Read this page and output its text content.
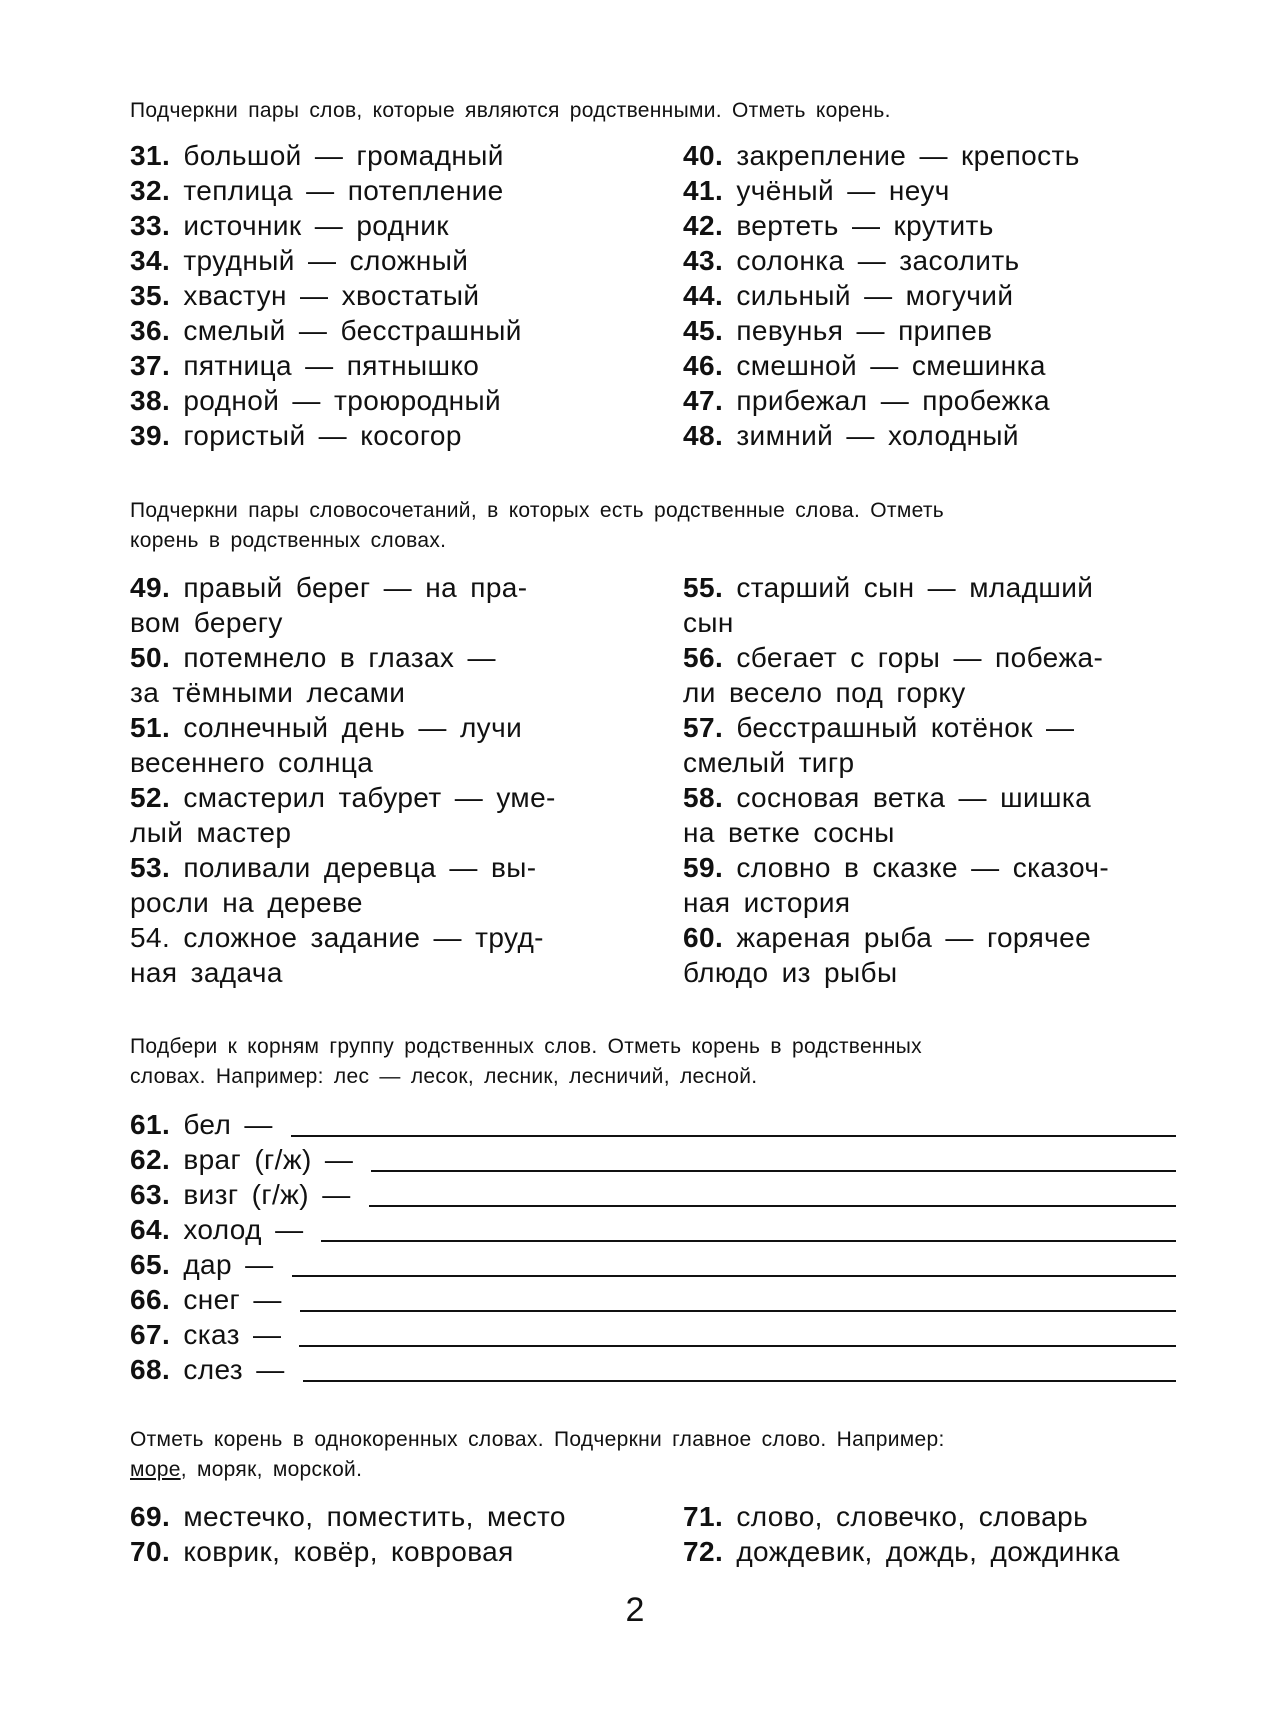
Подчеркни пары слов, которые являются родственными. Отметь корень.
31. большой — громадный
32. теплица — потепление
33. источник — родник
34. трудный — сложный
35. хвастун — хвостатый
36. смелый — бесстрашный
37. пятница — пятнышко
38. родной — троюродный
39. гористый — косогор
40. закрепление — крепость
41. учёный — неуч
42. вертеть — крутить
43. солонка — засолить
44. сильный — могучий
45. певунья — припев
46. смешной — смешинка
47. прибежал — пробежка
48. зимний — холодный
Подчеркни пары словосочетаний, в которых есть родственные слова. Отметь
корень в родственных словах.
49. правый берег — на пра-
вом берегу
50. потемнело в глазах —
за тёмными лесами
51. солнечный день — лучи
весеннего солнца
52. смастерил табурет — уме-
лый мастер
53. поливали деревца — вы-
росли на дереве
54. сложное задание — труд-
ная задача
55. старший сын — младший
сын
56. сбегает с горы — побежа-
ли весело под горку
57. бесстрашный котёнок —
смелый тигр
58. сосновая ветка — шишка
на ветке сосны
59. словно в сказке — сказоч-
ная история
60. жареная рыба — горячее
блюдо из рыбы
Подбери к корням группу родственных слов. Отметь корень в родственных
словах. Например: лес — лесок, лесник, лесничий, лесной.
61. бел —
62. враг (г/ж) —
63. визг (г/ж) —
64. холод —
65. дар —
66. снег —
67. сказ —
68. слез —
Отметь корень в однокоренных словах. Подчеркни главное слово. Например:
море, моряк, морской.
69. местечко, поместить, место
70. коврик, ковёр, ковровая
71. слово, словечко, словарь
72. дождевик, дождь, дождинка
2
